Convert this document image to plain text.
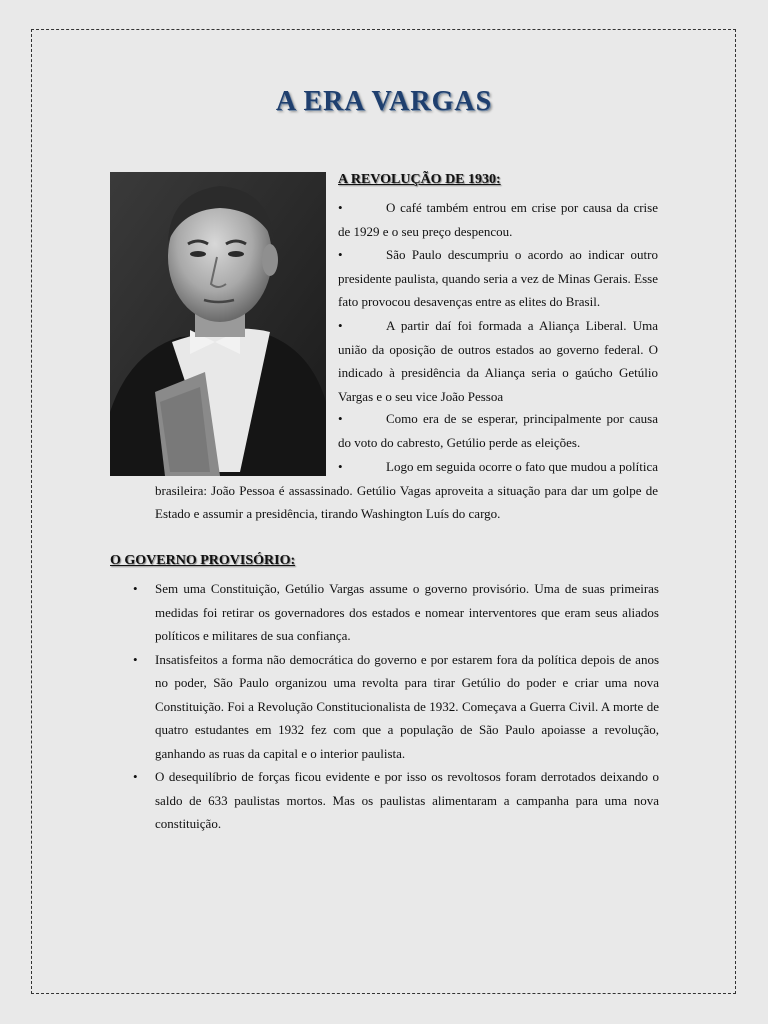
A ERA VARGAS
A REVOLUÇÃO DE 1930:
•	O café também entrou em crise por causa da crise de 1929 e o seu preço despencou.
•	São Paulo descumpriu o acordo ao indicar outro presidente paulista, quando seria a vez de Minas Gerais. Esse fato provocou desavenças entre as elites do Brasil.
•	A partir daí foi formada a Aliança Liberal. Uma união da oposição de outros estados ao governo federal. O indicado à presidência da Aliança seria o gaúcho Getúlio Vargas e o seu vice João Pessoa
•	Como era de se esperar, principalmente por causa do voto do cabresto, Getúlio perde as eleições.
•	Logo em seguida ocorre o fato que mudou a política brasileira: João Pessoa é assassinado. Getúlio Vagas aproveita a situação para dar um golpe de Estado e assumir a presidência, tirando Washington Luís do cargo.
O GOVERNO PROVISÓRIO:
• Sem uma Constituição, Getúlio Vargas assume o governo provisório. Uma de suas primeiras medidas foi retirar os governadores dos estados e nomear interventores que eram seus aliados políticos e militares de sua confiança.
• Insatisfeitos a forma não democrática do governo e por estarem fora da política depois de anos no poder, São Paulo organizou uma revolta para tirar Getúlio do poder e criar uma nova Constituição. Foi a Revolução Constitucionalista de 1932. Começava a Guerra Civil. A morte de quatro estudantes em 1932 fez com que a população de São Paulo apoiasse a revolução, ganhando as ruas da capital e o interior paulista.
• O desequilíbrio de forças ficou evidente e por isso os revoltosos foram derrotados deixando o saldo de 633 paulistas mortos. Mas os paulistas alimentaram a campanha para uma nova constituição.
